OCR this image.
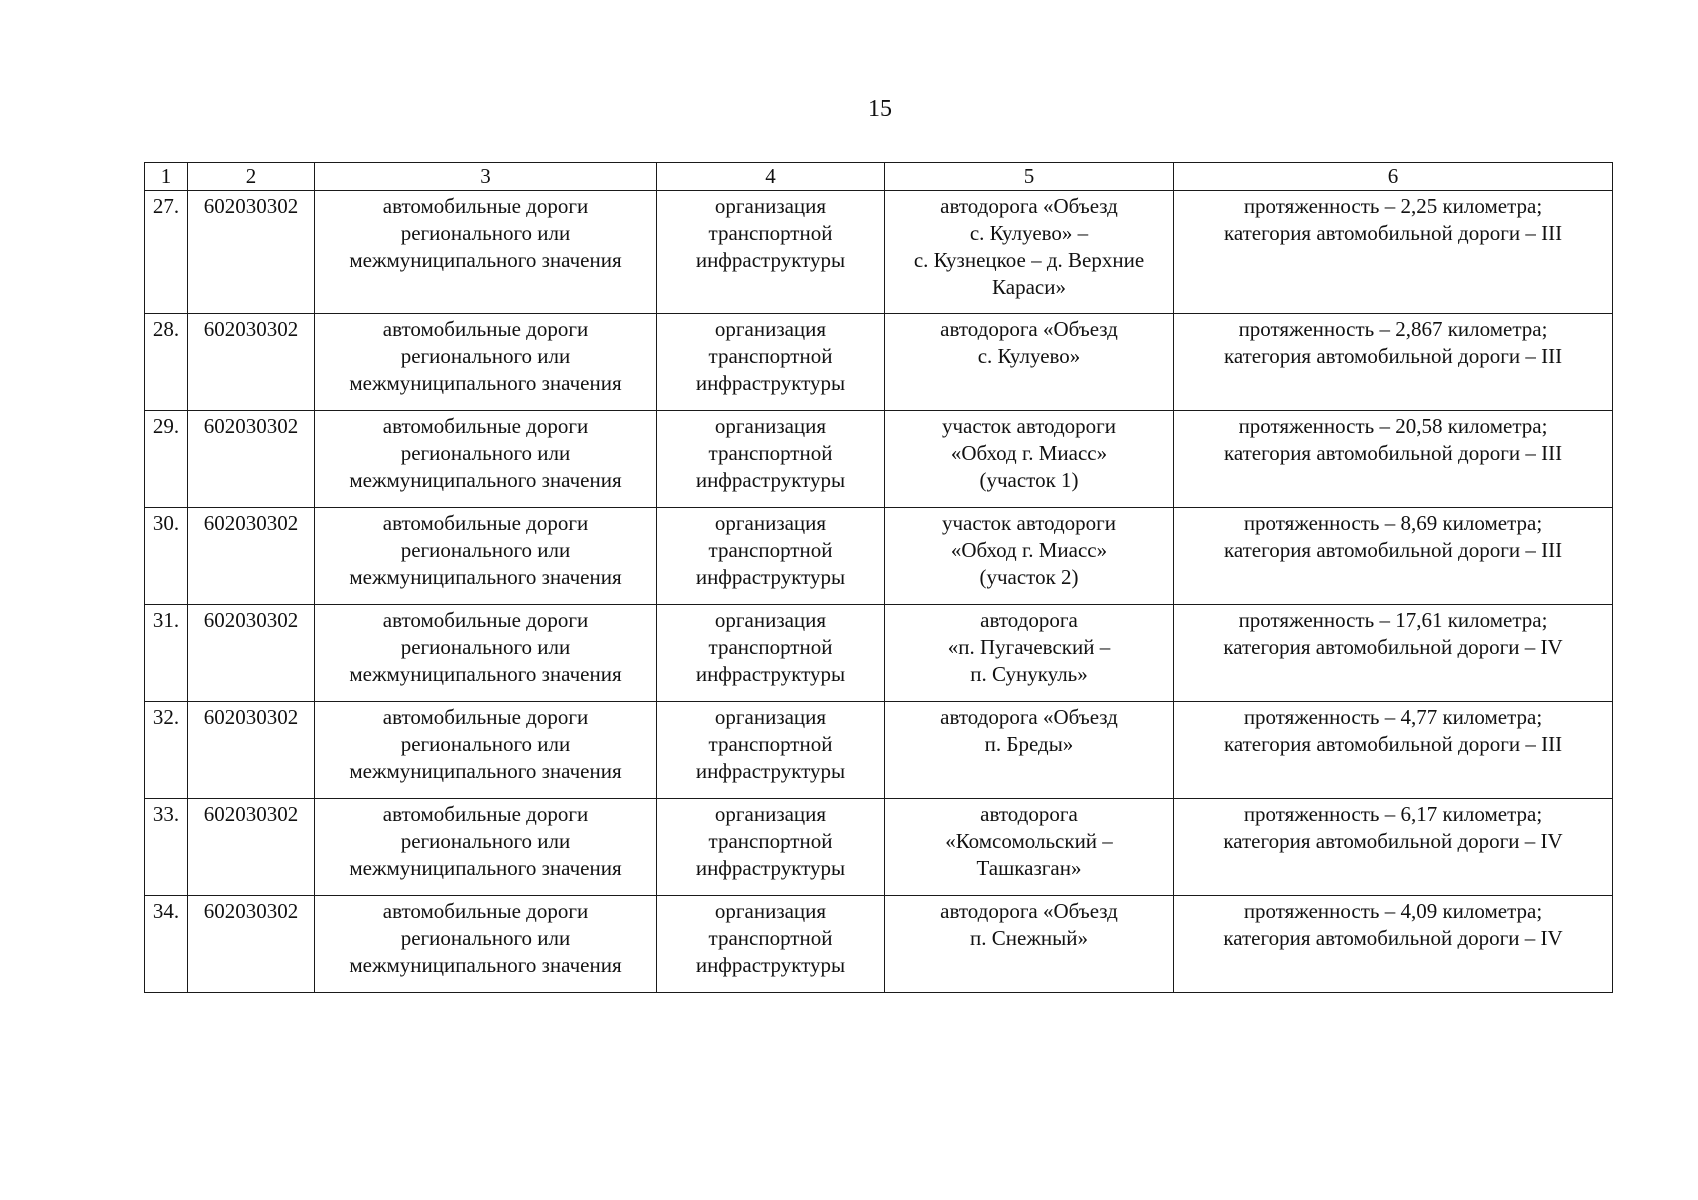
15
1	2	3	4	5	6
27.	602030302	автомобильные дороги
регионального или
межмуниципального значения	организация
транспортной
инфраструктуры	автодорога «Объезд
с. Кулуево» –
с. Кузнецкое – д. Верхние
Караси»	протяженность – 2,25 километра;
категория автомобильной дороги – III

28.	602030302	автомобильные дороги
регионального или
межмуниципального значения	организация
транспортной
инфраструктуры	автодорога «Объезд
с. Кулуево»	протяженность – 2,867 километра;
категория автомобильной дороги – III

29.	602030302	автомобильные дороги
регионального или
межмуниципального значения	организация
транспортной
инфраструктуры	участок автодороги
«Обход г. Миасс»
(участок 1)	протяженность – 20,58 километра;
категория автомобильной дороги – III

30.	602030302	автомобильные дороги
регионального или
межмуниципального значения	организация
транспортной
инфраструктуры	участок автодороги
«Обход г. Миасс»
(участок 2)	протяженность – 8,69 километра;
категория автомобильной дороги – III

31.	602030302	автомобильные дороги
регионального или
межмуниципального значения	организация
транспортной
инфраструктуры	автодорога
«п. Пугачевский –
п. Сунукуль»	протяженность – 17,61 километра;
категория автомобильной дороги – IV

32.	602030302	автомобильные дороги
регионального или
межмуниципального значения	организация
транспортной
инфраструктуры	автодорога «Объезд
п. Бреды»	протяженность – 4,77 километра;
категория автомобильной дороги – III

33.	602030302	автомобильные дороги
регионального или
межмуниципального значения	организация
транспортной
инфраструктуры	автодорога
«Комсомольский –
Ташказган»	протяженность – 6,17 километра;
категория автомобильной дороги – IV

34.	602030302	автомобильные дороги
регионального или
межмуниципального значения	организация
транспортной
инфраструктуры	автодорога «Объезд
п. Снежный»	протяженность – 4,09 километра;
категория автомобильной дороги – IV
